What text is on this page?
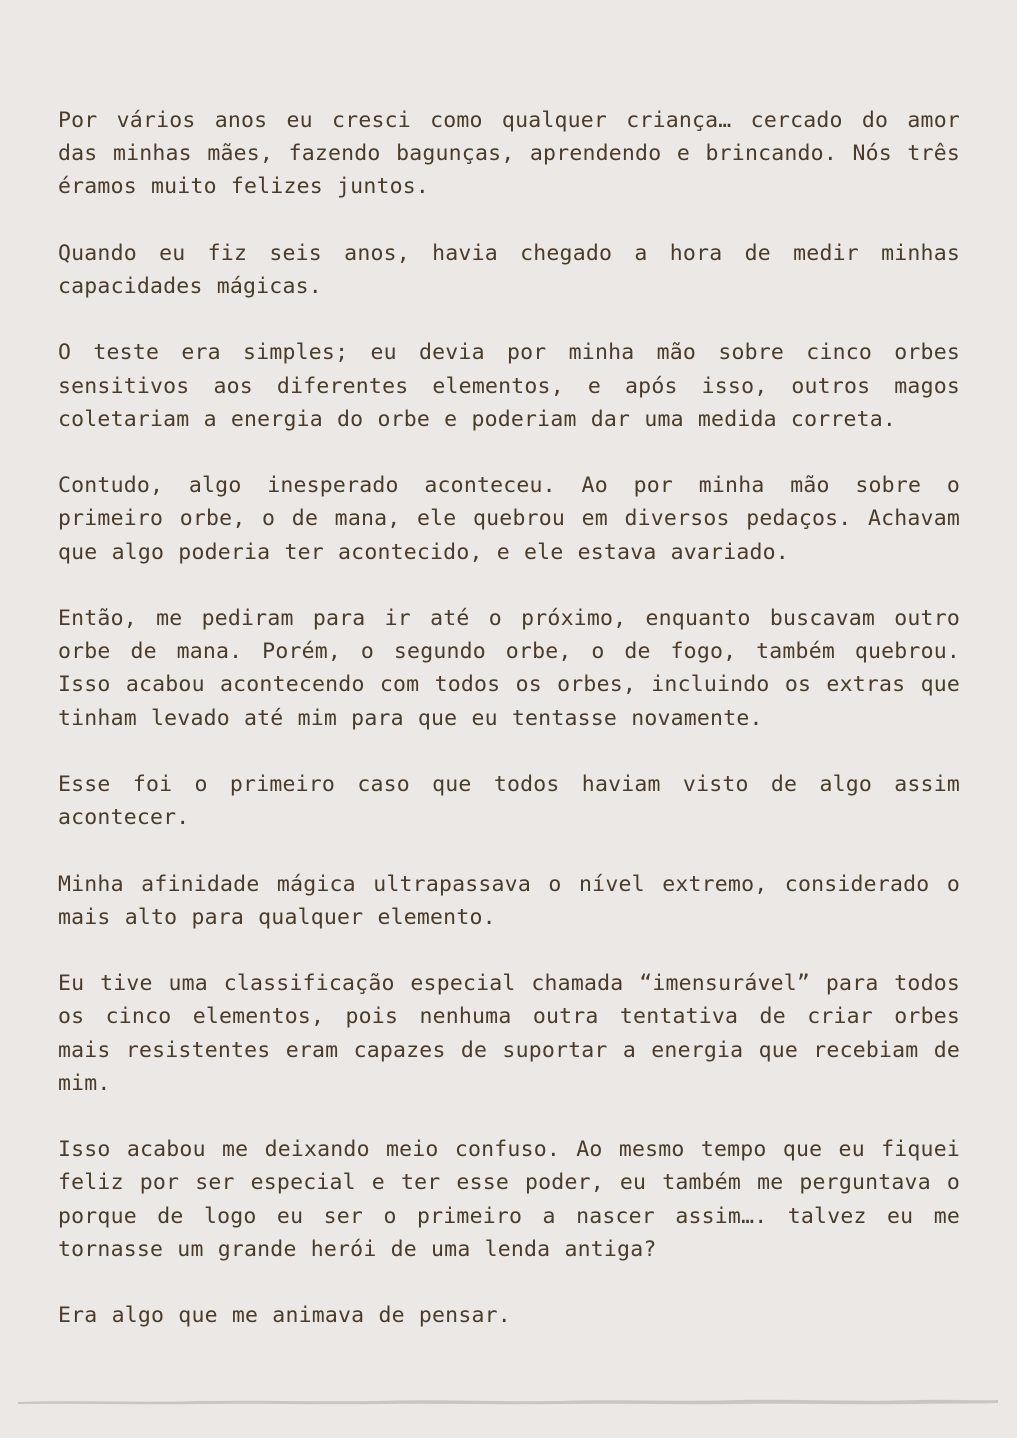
Por vários anos eu cresci como qualquer criança… cercado do amor das minhas mães, fazendo bagunças, aprendendo e brincando. Nós três éramos muito felizes juntos.

Quando eu fiz seis anos, havia chegado a hora de medir minhas capacidades mágicas.

O teste era simples; eu devia por minha mão sobre cinco orbes sensitivos aos diferentes elementos, e após isso, outros magos coletariam a energia do orbe e poderiam dar uma medida correta.

Contudo, algo inesperado aconteceu. Ao por minha mão sobre o primeiro orbe, o de mana, ele quebrou em diversos pedaços. Achavam que algo poderia ter acontecido, e ele estava avariado.

Então, me pediram para ir até o próximo, enquanto buscavam outro orbe de mana. Porém, o segundo orbe, o de fogo, também quebrou. Isso acabou acontecendo com todos os orbes, incluindo os extras que tinham levado até mim para que eu tentasse novamente.

Esse foi o primeiro caso que todos haviam visto de algo assim acontecer.

Minha afinidade mágica ultrapassava o nível extremo, considerado o mais alto para qualquer elemento.

Eu tive uma classificação especial chamada “imensurável” para todos os cinco elementos, pois nenhuma outra tentativa de criar orbes mais resistentes eram capazes de suportar a energia que recebiam de mim.

Isso acabou me deixando meio confuso. Ao mesmo tempo que eu fiquei feliz por ser especial e ter esse poder, eu também me perguntava o porque de logo eu ser o primeiro a nascer assim…. talvez eu me tornasse um grande herói de uma lenda antiga?

Era algo que me animava de pensar.
